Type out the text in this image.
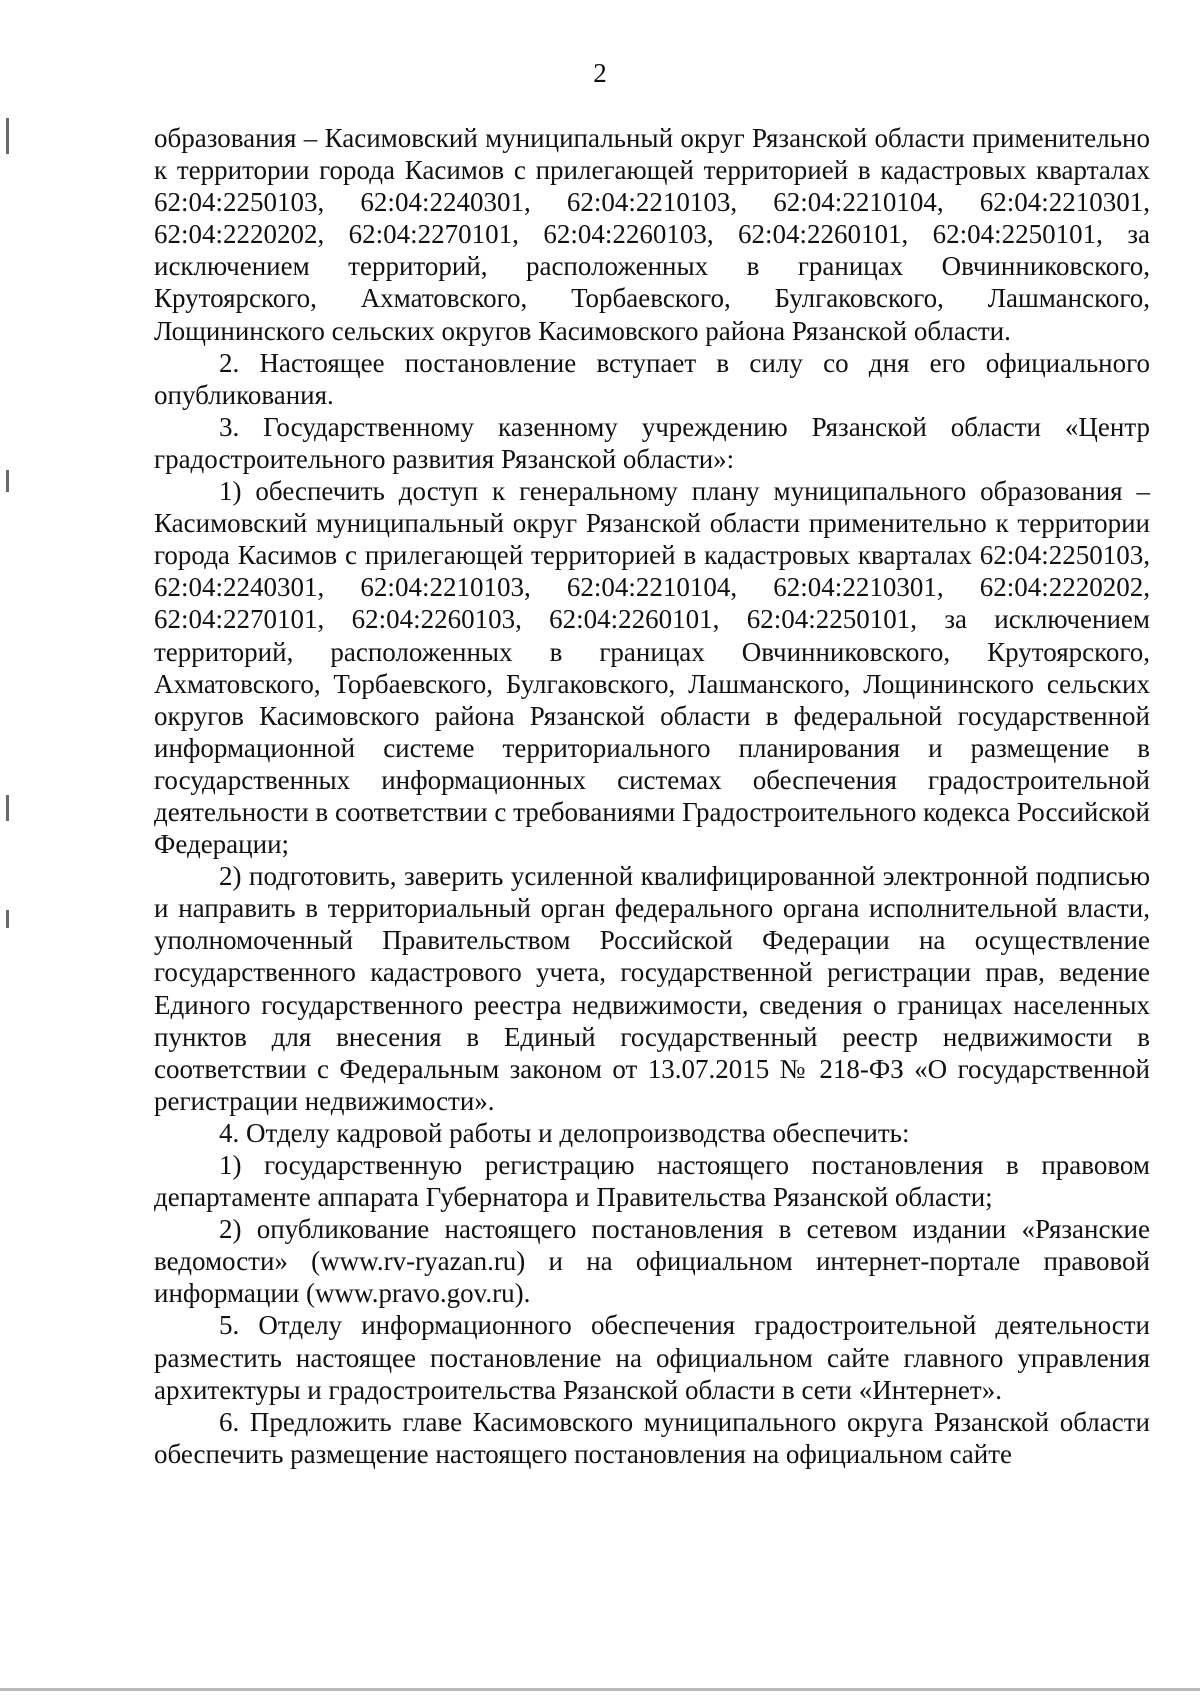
2

образования – Касимовский муниципальный округ Рязанской области применительно к территории города Касимов с прилегающей территорией в кадастровых кварталах 62:04:2250103, 62:04:2240301, 62:04:2210103, 62:04:2210104, 62:04:2210301, 62:04:2220202, 62:04:2270101, 62:04:2260103, 62:04:2260101, 62:04:2250101, за исключением территорий, расположенных в границах Овчинниковского, Крутоярского, Ахматовского, Торбаевского, Булгаковского, Лашманского, Лощининского сельских округов Касимовского района Рязанской области.

2. Настоящее постановление вступает в силу со дня его официального опубликования.

3. Государственному казенному учреждению Рязанской области «Центр градостроительного развития Рязанской области»:

1) обеспечить доступ к генеральному плану муниципального образования – Касимовский муниципальный округ Рязанской области применительно к территории города Касимов с прилегающей территорией в кадастровых кварталах 62:04:2250103, 62:04:2240301, 62:04:2210103, 62:04:2210104, 62:04:2210301, 62:04:2220202, 62:04:2270101, 62:04:2260103, 62:04:2260101, 62:04:2250101, за исключением территорий, расположенных в границах Овчинниковского, Крутоярского, Ахматовского, Торбаевского, Булгаковского, Лашманского, Лощининского сельских округов Касимовского района Рязанской области в федеральной государственной информационной системе территориального планирования и размещение в государственных информационных системах обеспечения градостроительной деятельности в соответствии с требованиями Градостроительного кодекса Российской Федерации;

2) подготовить, заверить усиленной квалифицированной электронной подписью и направить в территориальный орган федерального органа исполнительной власти, уполномоченный Правительством Российской Федерации на осуществление государственного кадастрового учета, государственной регистрации прав, ведение Единого государственного реестра недвижимости, сведения о границах населенных пунктов для внесения в Единый государственный реестр недвижимости в соответствии с Федеральным законом от 13.07.2015 № 218-ФЗ «О государственной регистрации недвижимости».

4. Отделу кадровой работы и делопроизводства обеспечить:

1) государственную регистрацию настоящего постановления в правовом департаменте аппарата Губернатора и Правительства Рязанской области;

2) опубликование настоящего постановления в сетевом издании «Рязанские ведомости» (www.rv-ryazan.ru) и на официальном интернет-портале правовой информации (www.pravo.gov.ru).

5. Отделу информационного обеспечения градостроительной деятельности разместить настоящее постановление на официальном сайте главного управления архитектуры и градостроительства Рязанской области в сети «Интернет».

6. Предложить главе Касимовского муниципального округа Рязанской области обеспечить размещение настоящего постановления на официальном сайте
